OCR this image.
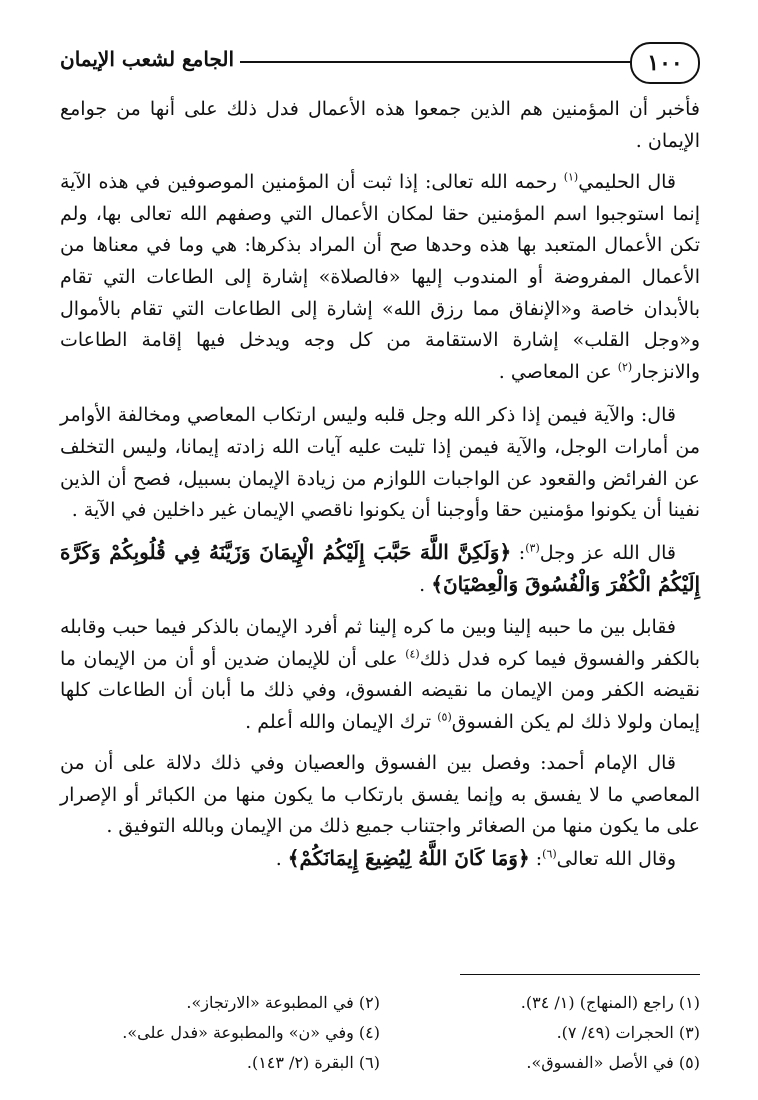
١٠٠
الجامع لشعب الإيمان

فأخبر أن المؤمنين هم الذين جمعوا هذه الأعمال فدل ذلك على أنها من جوامع الإيمان .

قال الحليمي$^{(١)}$ رحمه الله تعالى: إذا ثبت أن المؤمنين الموصوفين في هذه الآية إنما استوجبوا اسم المؤمنين حقا لمكان الأعمال التي وصفهم الله تعالى بها، ولم تكن الأعمال المتعبد بها هذه وحدها صح أن المراد بذكرها: هي وما في معناها من الأعمال المفروضة أو المندوب إليها «فالصلاة» إشارة إلى الطاعات التي تقام بالأبدان خاصة و«الإنفاق مما رزق الله» إشارة إلى الطاعات التي تقام بالأموال و«وجل القلب» إشارة الاستقامة من كل وجه ويدخل فيها إقامة الطاعات والانزجار$^{(٢)}$ عن المعاصي .

قال: والآية فيمن إذا ذكر الله وجل قلبه وليس ارتكاب المعاصي ومخالفة الأوامر من أمارات الوجل، والآية فيمن إذا تليت عليه آيات الله زادته إيمانا، وليس التخلف عن الفرائض والقعود عن الواجبات اللوازم من زيادة الإيمان بسبيل، فصح أن الذين نفينا أن يكونوا مؤمنين حقا وأوجبنا أن يكونوا ناقصي الإيمان غير داخلين في الآية .

قال الله عز وجل$^{(٣)}$: ﴿وَلَكِنَّ اللَّهَ حَبَّبَ إِلَيْكُمُ الْإِيمَانَ وَزَيَّنَهُ فِي قُلُوبِكُمْ وَكَرَّهَ إِلَيْكُمُ الْكُفْرَ وَالْفُسُوقَ وَالْعِصْيَانَ﴾ .

فقابل بين ما حببه إلينا وبين ما كره إلينا ثم أفرد الإيمان بالذكر فيما حبب وقابله بالكفر والفسوق فيما كره فدل ذلك$^{(٤)}$ على أن للإيمان ضدين أو أن من الإيمان ما نقيضه الكفر ومن الإيمان ما نقيضه الفسوق، وفي ذلك ما أبان أن الطاعات كلها إيمان ولولا ذلك لم يكن الفسوق$^{(٥)}$ ترك الإيمان والله أعلم .

قال الإمام أحمد: وفصل بين الفسوق والعصيان وفي ذلك دلالة على أن من المعاصي ما لا يفسق به وإنما يفسق بارتكاب ما يكون منها من الكبائر أو الإصرار على ما يكون منها من الصغائر واجتناب جميع ذلك من الإيمان وبالله التوفيق .

وقال الله تعالى$^{(٦)}$: ﴿وَمَا كَانَ اللَّهُ لِيُضِيعَ إِيمَانَكُمْ﴾ .

(١) راجع (المنهاج) (١/ ٣٤).
(٢) في المطبوعة «الارتجاز».
(٣) الحجرات (٤٩/ ٧).
(٤) وفي «ن» والمطبوعة «فدل على».
(٥) في الأصل «الفسوق».
(٦) البقرة (٢/ ١٤٣).
